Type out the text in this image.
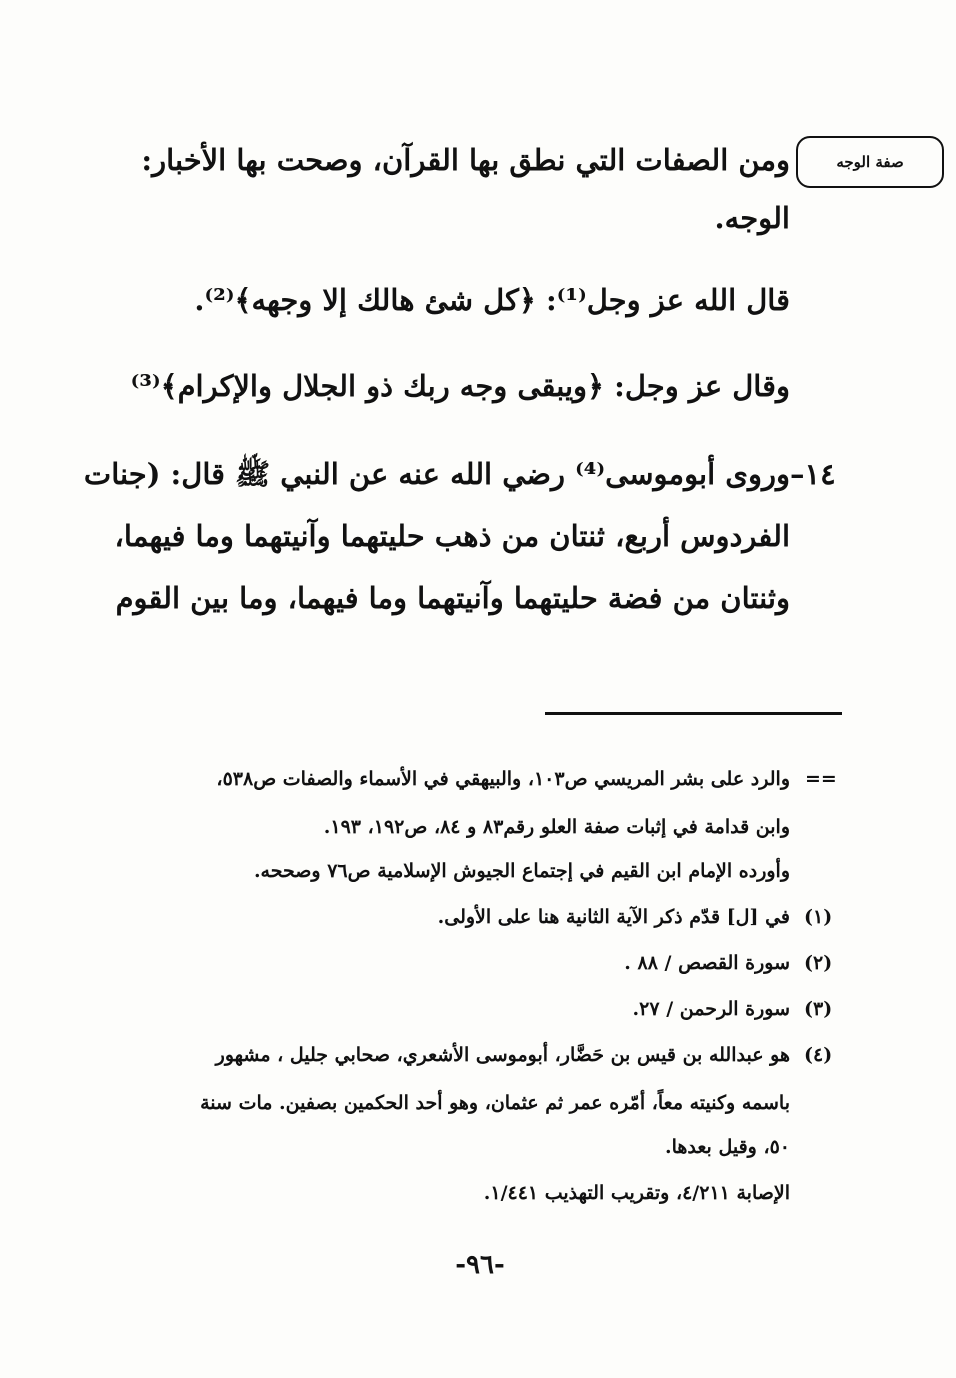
صفة الوجه
ومن الصفات التي نطق بها القرآن، وصحت بها الأخبار:
الوجه.
قال الله عز وجل⁽¹⁾: ﴿كل شئ هالك إلا وجهه﴾⁽²⁾.
وقال عز وجل: ﴿ويبقى وجه ربك ذو الجلال والإكرام﴾⁽³⁾
وروى أبوموسى⁽⁴⁾ رضي الله عنه عن النبي ﷺ قال: (جنات
الفردوس أربع، ثنتان من ذهب حليتهما وآنيتهما وما فيهما،
وثنتان من فضة حليتهما وآنيتهما وما فيهما، وما بين القوم
١٤–
==
والرد على بشر المريسي ص١٠٣، والبيهقي في الأسماء والصفات ص٥٣٨،
وابن قدامة في إثبات صفة العلو رقم٨٣ و ٨٤، ص١٩٢، ١٩٣.
وأورده الإمام ابن القيم في إجتماع الجيوش الإسلامية ص٧٦ وصححه.
(١)
في [ل] قدّم ذكر الآية الثانية هنا على الأولى.
(٢)
سورة القصص / ٨٨ .
(٣)
سورة الرحمن / ٢٧.
(٤)
هو عبدالله بن قيس بن حَضَّار، أبوموسى الأشعري، صحابي جليل ، مشهور
باسمه وكنيته معاً، أمّره عمر ثم عثمان، وهو أحد الحكمين بصفين. مات سنة
٥٠، وقيل بعدها.
الإصابة ٤/٢١١، وتقريب التهذيب ١/٤٤١.
-٩٦-
